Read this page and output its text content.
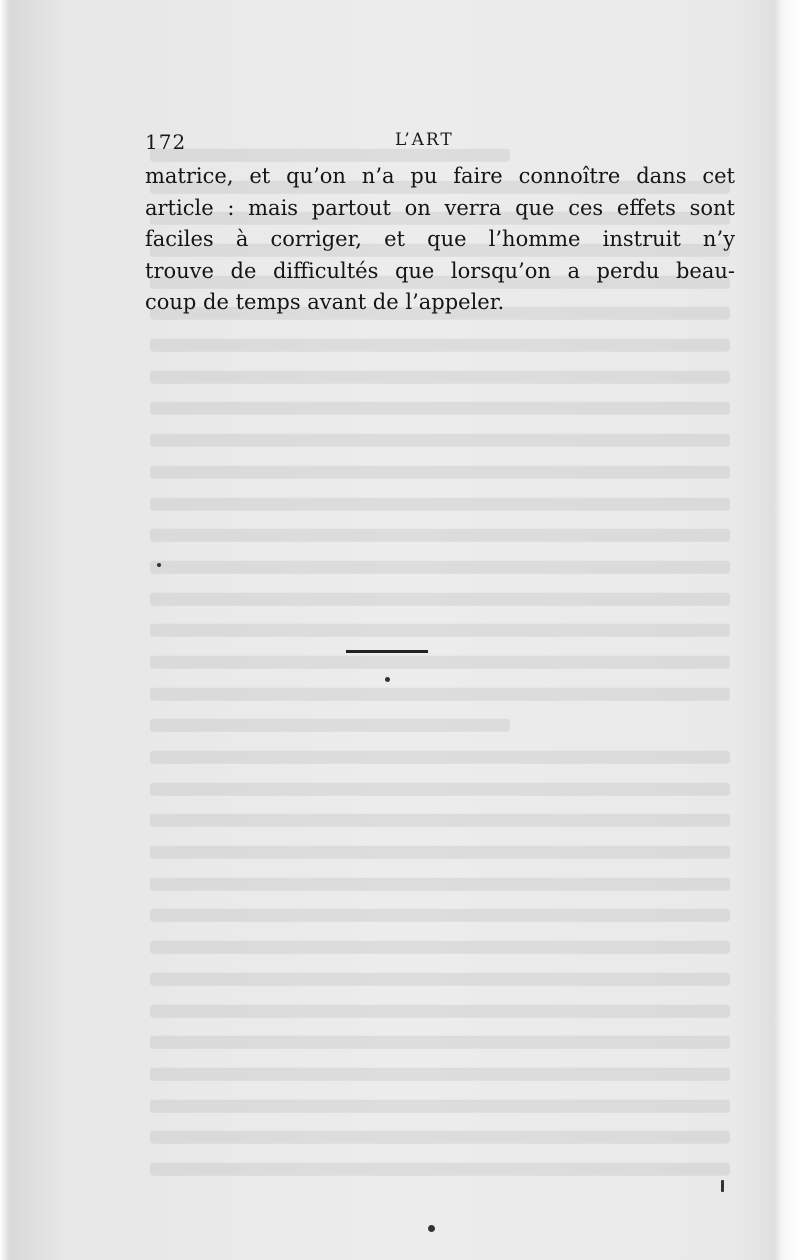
172	L’ART
matrice, et qu’on n’a pu faire connoître dans cet
article : mais partout on verra que ces effets sont
faciles à corriger, et que l’homme instruit n’y
trouve de difficultés que lorsqu’on a perdu beau-
coup de temps avant de l’appeler.
